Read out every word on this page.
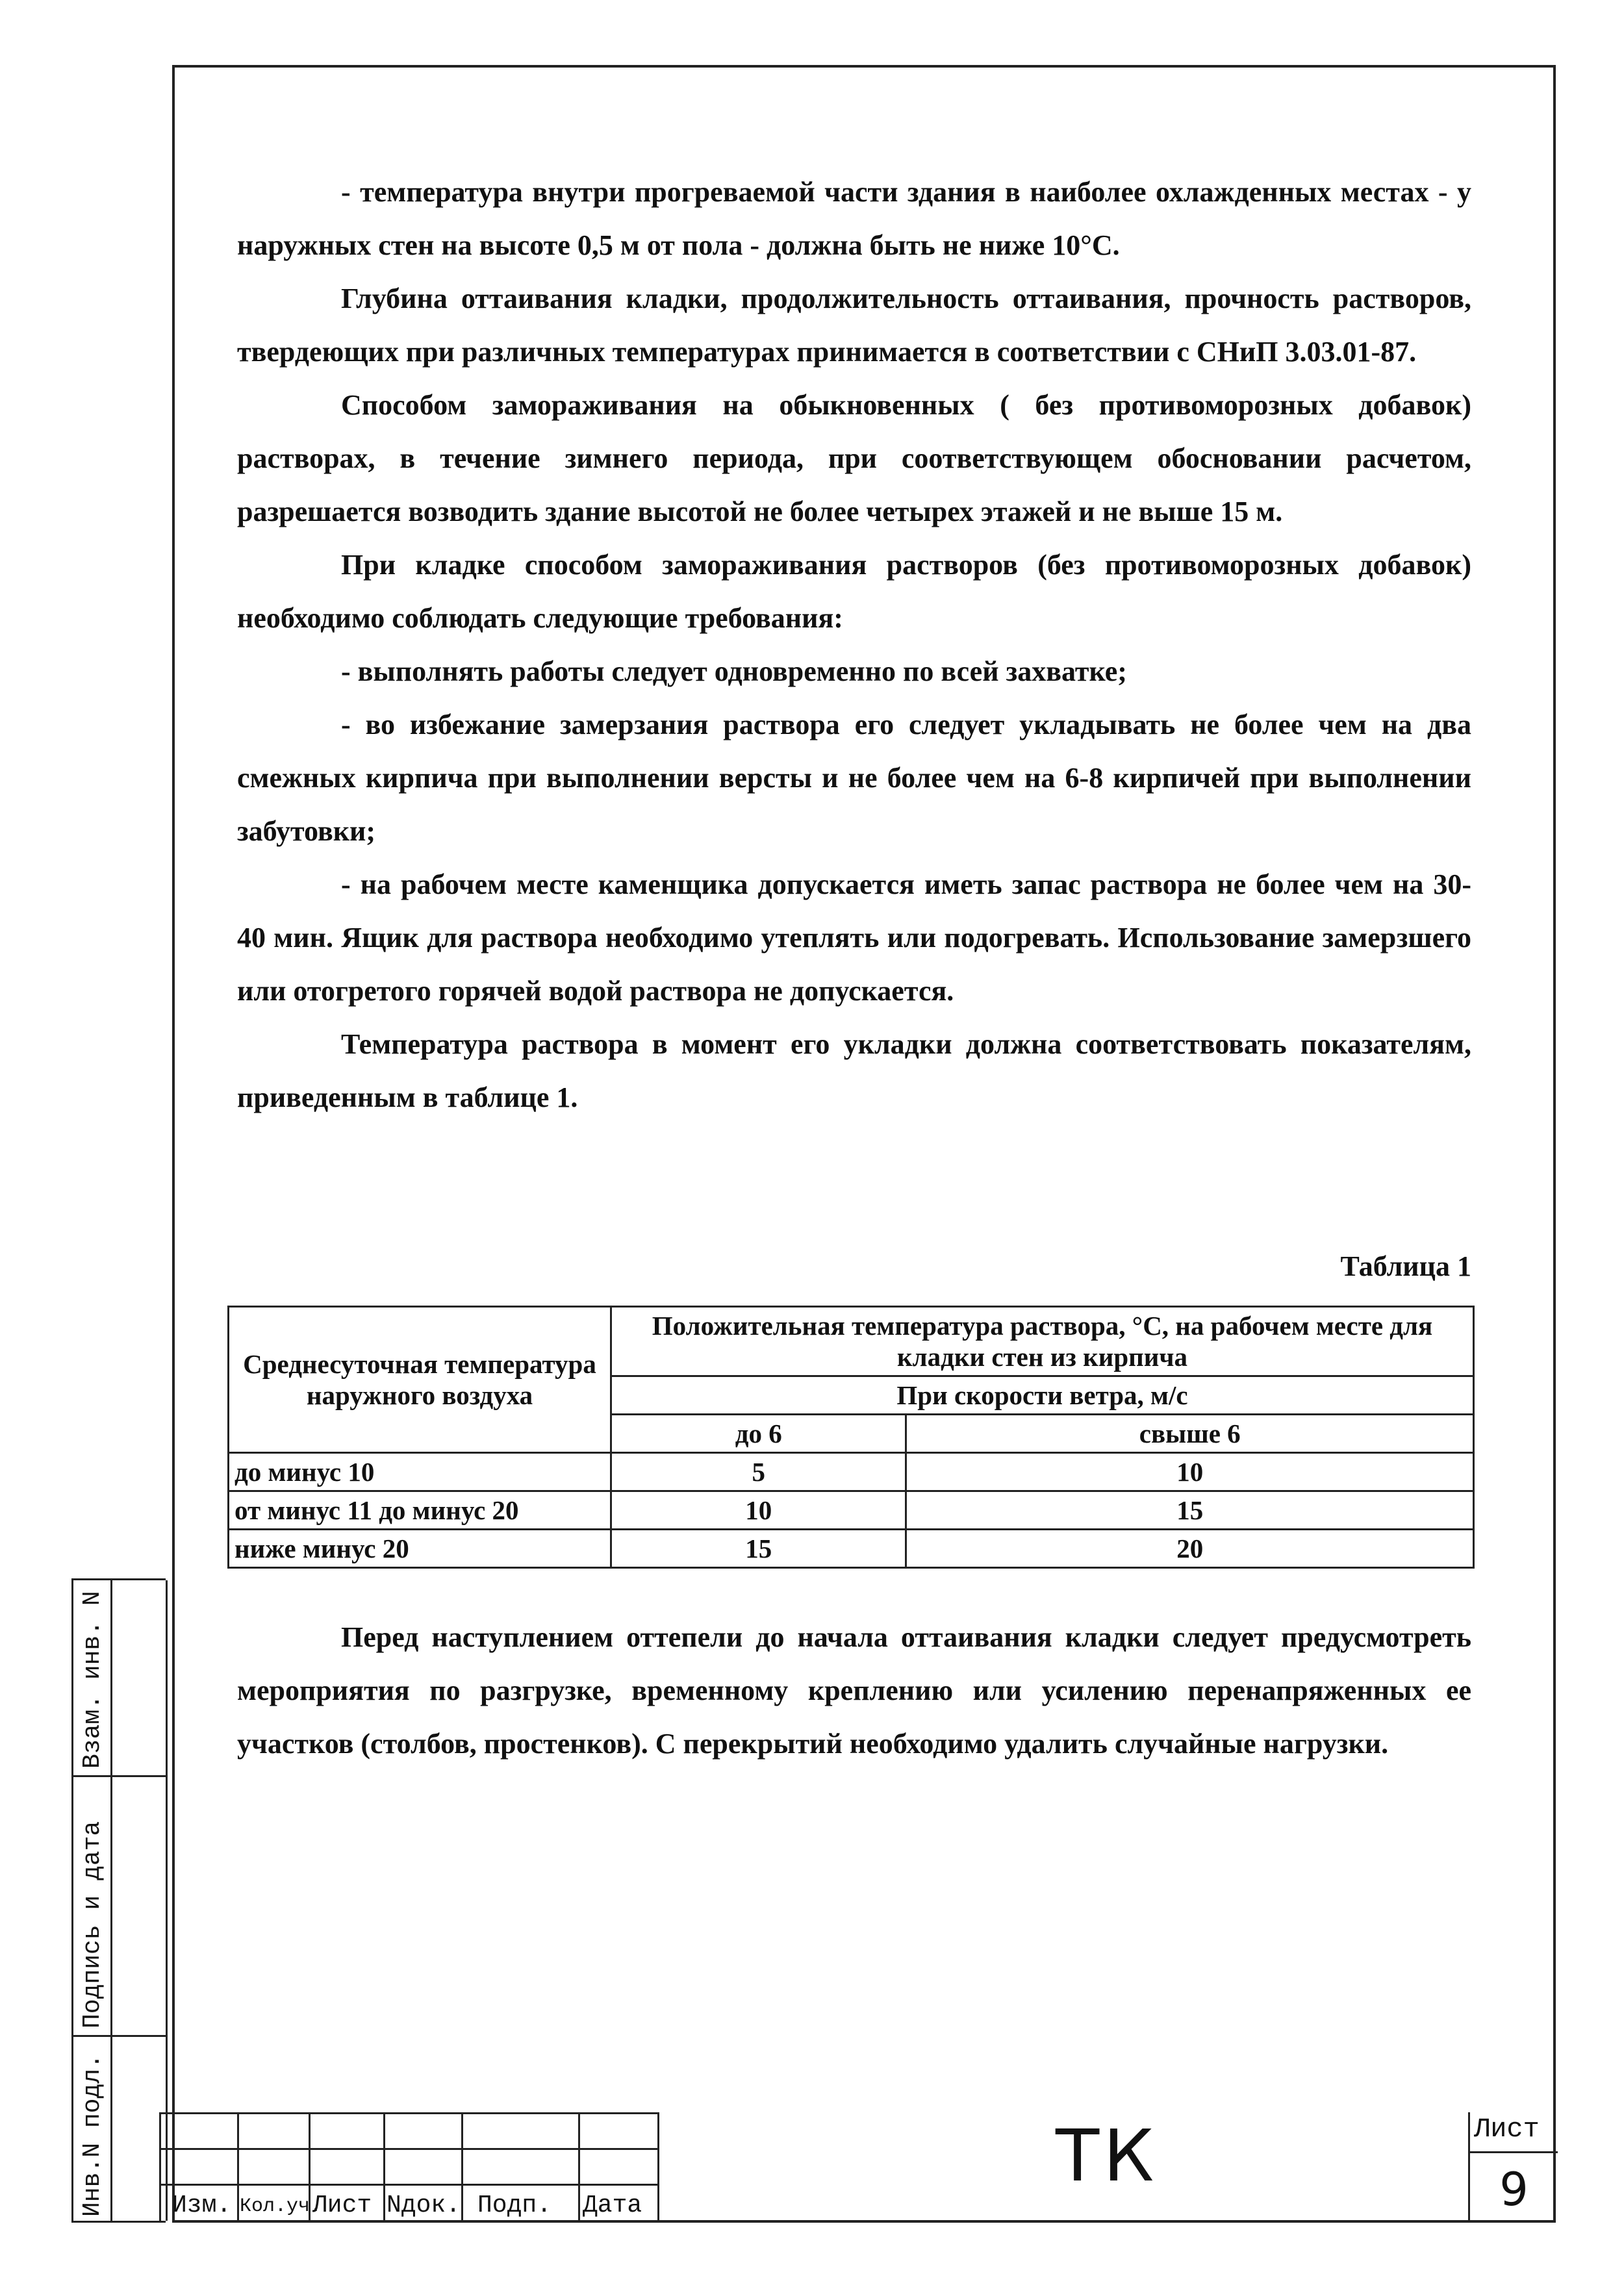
- температура внутри прогреваемой части здания в наиболее охлажденных местах - у наружных стен на высоте 0,5 м от пола - должна быть не ниже 10°С.

Глубина оттаивания кладки, продолжительность оттаивания, прочность растворов, твердеющих при различных температурах принимается в соответствии с СНиП 3.03.01-87.

Способом замораживания на обыкновенных ( без противоморозных добавок) растворах, в течение зимнего периода, при соответствующем обосновании расчетом, разрешается возводить здание высотой не более четырех этажей и не выше 15 м.

При кладке способом замораживания растворов (без противоморозных добавок) необходимо соблюдать следующие требования:

- выполнять работы следует одновременно по всей захватке;

- во избежание замерзания раствора его следует укладывать не более чем на два смежных кирпича при выполнении версты и не более чем на 6-8 кирпичей при выполнении забутовки;

- на рабочем месте каменщика допускается иметь запас раствора не более чем на 30- 40 мин. Ящик для раствора необходимо утеплять или подогревать. Использование замерзшего или отогретого горячей водой раствора не допускается.

Температура раствора в момент его укладки должна соответствовать показателям, приведенным в таблице 1.

Таблица 1
Среднесуточная температура наружного воздуха	Положительная температура раствора, °С, на рабочем месте для кладки стен из кирпича	
	При скорости ветра, м/с	
	до 6	свыше 6
до минус 10	5	10
от минус 11 до минус 20	10	15
ниже минус 20	15	20

Перед наступлением оттепели до начала оттаивания кладки следует предусмотреть мероприятия по разгрузке, временному креплению или усилению перенапряженных ее участков (столбов, простенков). С перекрытий необходимо удалить случайные нагрузки.

Взам. инв. N
Подпись и дата
Инв.N подл.	Изм. Кол.уч.
Лист Nдок. Подп. Дата
ТК	Лист
9
